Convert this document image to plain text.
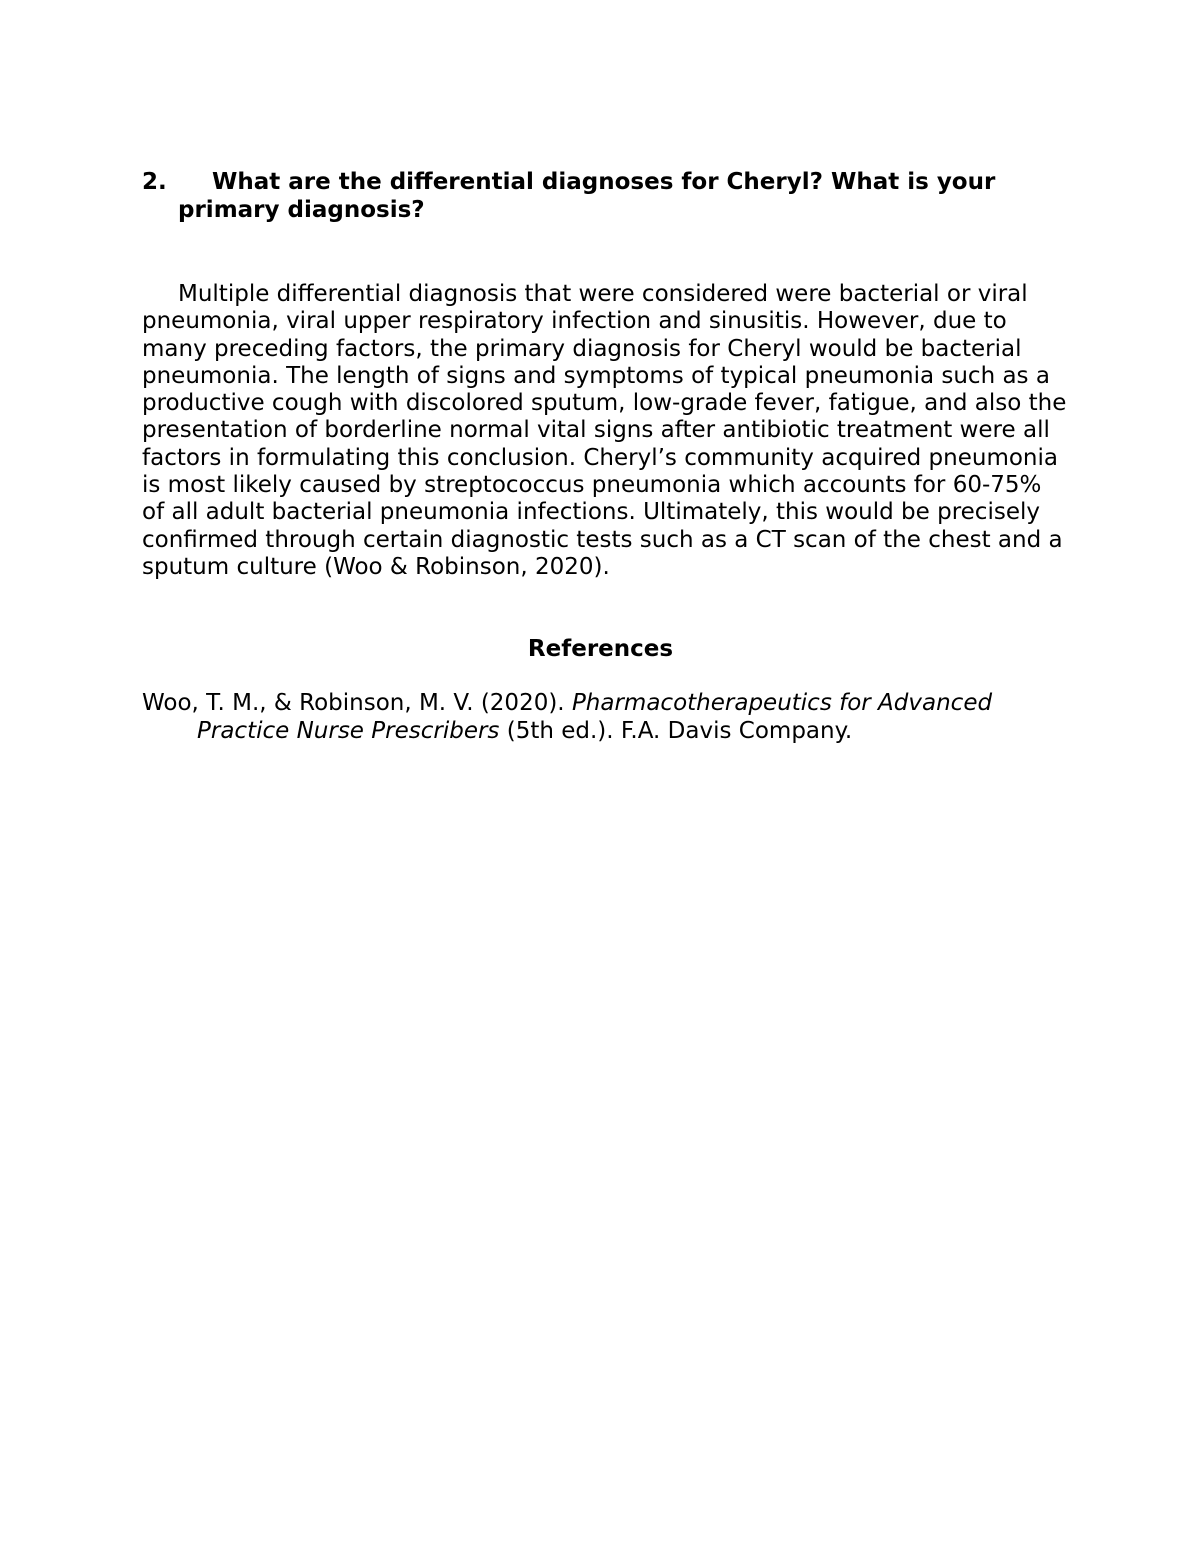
2. What are the differential diagnoses for Cheryl? What is your
primary diagnosis?

Multiple differential diagnosis that were considered were bacterial or viral pneumonia, viral upper respiratory infection and sinusitis. However, due to many preceding factors, the primary diagnosis for Cheryl would be bacterial pneumonia. The length of signs and symptoms of typical pneumonia such as a productive cough with discolored sputum, low-grade fever, fatigue, and also the presentation of borderline normal vital signs after antibiotic treatment were all factors in formulating this conclusion. Cheryl’s community acquired pneumonia is most likely caused by streptococcus pneumonia which accounts for 60-75% of all adult bacterial pneumonia infections. Ultimately, this would be precisely confirmed through certain diagnostic tests such as a CT scan of the chest and a sputum culture (Woo & Robinson, 2020).

References

Woo, T. M., & Robinson, M. V. (2020). Pharmacotherapeutics for Advanced
Practice Nurse Prescribers (5th ed.). F.A. Davis Company.
